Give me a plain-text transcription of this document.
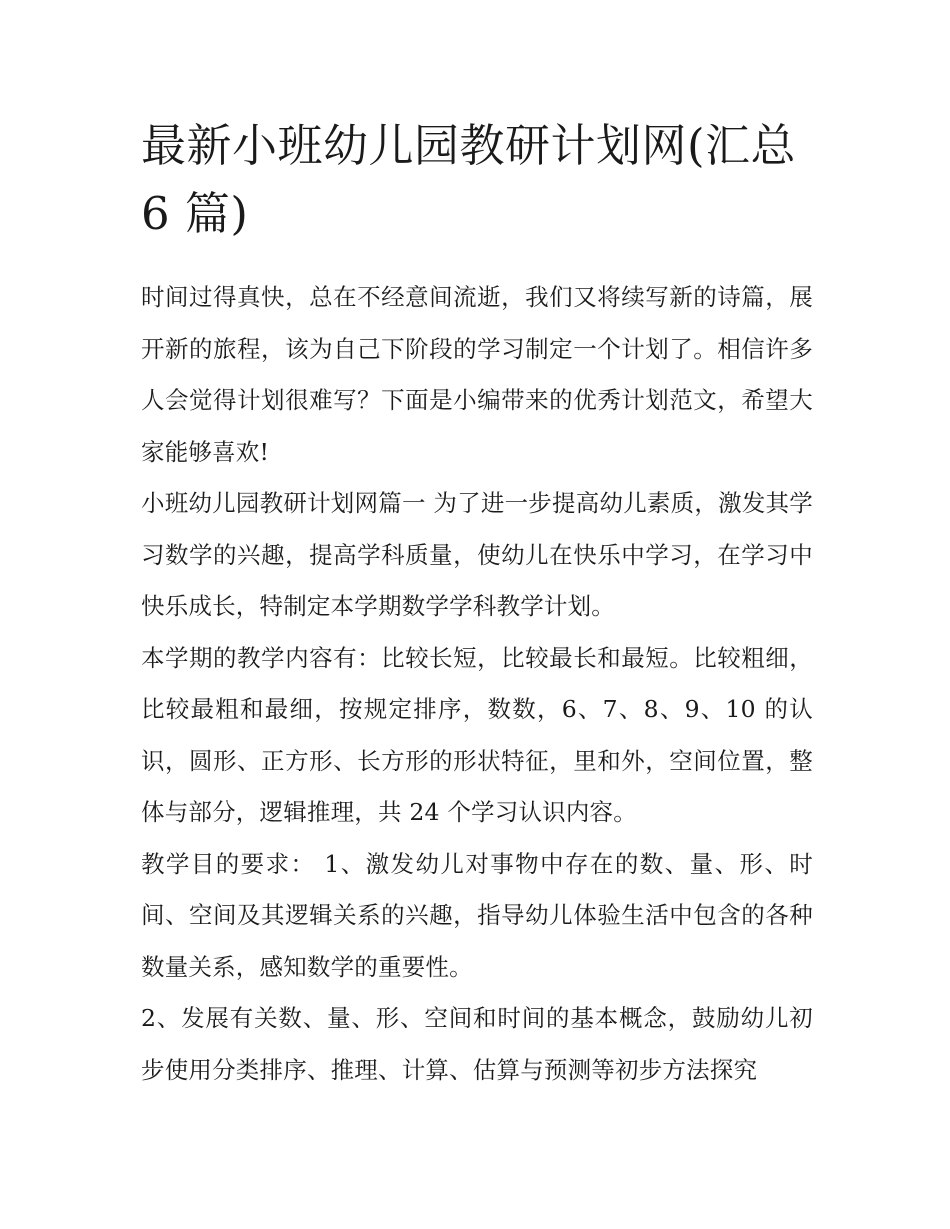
最新小班幼儿园教研计划网(汇总 6 篇)

时间过得真快，总在不经意间流逝，我们又将续写新的诗篇，展开新的旅程，该为自己下阶段的学习制定一个计划了。相信许多人会觉得计划很难写？下面是小编带来的优秀计划范文，希望大家能够喜欢!

小班幼儿园教研计划网篇一 为了进一步提高幼儿素质，激发其学习数学的兴趣，提高学科质量，使幼儿在快乐中学习，在学习中快乐成长，特制定本学期数学学科教学计划。

本学期的教学内容有：比较长短，比较最长和最短。比较粗细，比较最粗和最细，按规定排序，数数，6、7、8、9、10 的认识，圆形、正方形、长方形的形状特征，里和外，空间位置，整体与部分，逻辑推理，共 24 个学习认识内容。

教学目的要求： 1、激发幼儿对事物中存在的数、量、形、时间、空间及其逻辑关系的兴趣，指导幼儿体验生活中包含的各种数量关系，感知数学的重要性。

2、发展有关数、量、形、空间和时间的基本概念，鼓励幼儿初步使用分类排序、推理、计算、估算与预测等初步方法探究
